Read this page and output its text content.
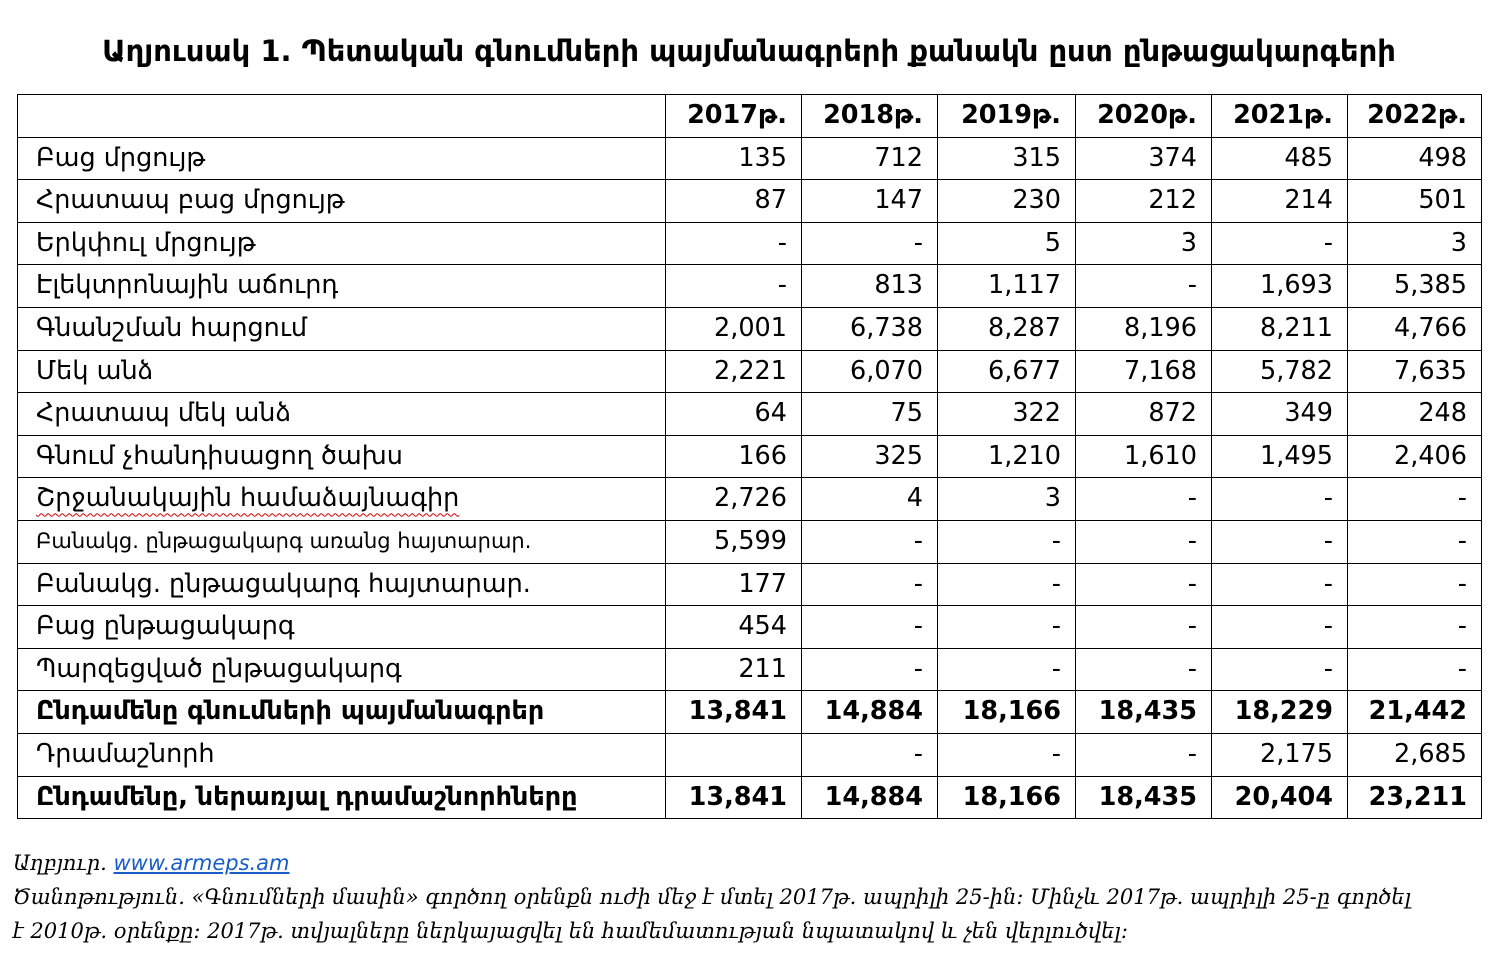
Աղյուսակ 1. Պետական գնումների պայմանագրերի քանակն ըստ ընթացակարգերի
	2017թ.	2018թ.	2019թ.	2020թ.	2021թ.	2022թ.
Բաց մրցույթ	135	712	315	374	485	498
Հրատապ բաց մրցույթ	87	147	230	212	214	501
Երկփուլ մրցույթ	-	-	5	3	-	3
Էլեկտրոնային աճուրդ	-	813	1,117	-	1,693	5,385
Գնանշման հարցում	2,001	6,738	8,287	8,196	8,211	4,766
Մեկ անձ	2,221	6,070	6,677	7,168	5,782	7,635
Հրատապ մեկ անձ	64	75	322	872	349	248
Գնում չհանդիսացող ծախս	166	325	1,210	1,610	1,495	2,406
Շրջանակային համաձայնագիր	2,726	4	3	-	-	-
Բանակց. ընթացակարգ առանց հայտարար.	5,599	-	-	-	-	-
Բանակց. ընթացակարգ հայտարար.	177	-	-	-	-	-
Բաց ընթացակարգ	454	-	-	-	-	-
Պարզեցված ընթացակարգ	211	-	-	-	-	-
Ընդամենը գնումների պայմանագրեր	13,841	14,884	18,166	18,435	18,229	21,442
Դրամաշնորհ		-	-	-	2,175	2,685
Ընդամենը, ներառյալ դրամաշնորհները	13,841	14,884	18,166	18,435	20,404	23,211
Աղբյուր. www.armeps.am
Ծանոթություն. «Գնումների մասին» գործող օրենքն ուժի մեջ է մտել 2017թ. ապրիլի 25-ին: Մինչև 2017թ. ապրիլի 25-ը գործել
է 2010թ. օրենքը: 2017թ. տվյալները ներկայացվել են համեմատության նպատակով և չեն վերլուծվել:
